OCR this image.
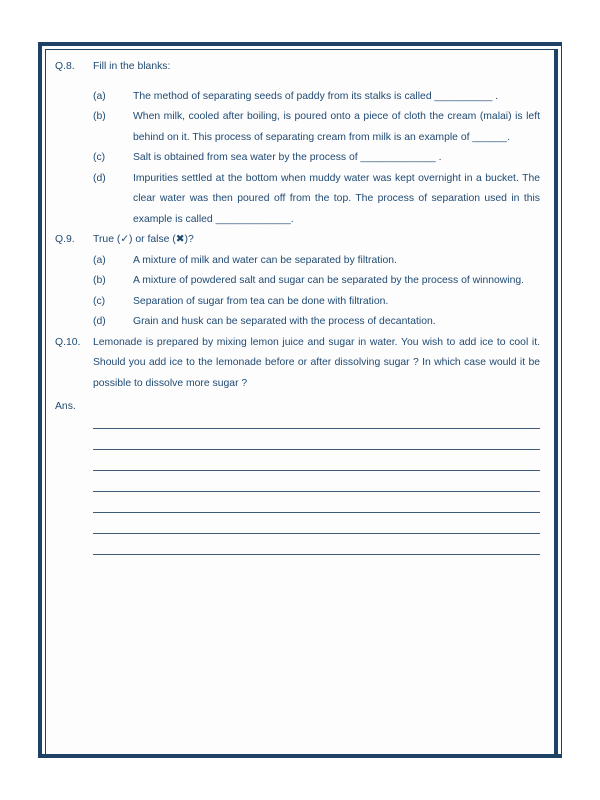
Q.8.	Fill in the blanks:
(a)	The method of separating seeds of paddy from its stalks is called __________ .
(b)	When milk, cooled after boiling, is poured onto a piece of cloth the cream (malai) is left behind on it. This process of separating cream from milk is an example of ______.
(c)	Salt is obtained from sea water by the process of _____________ .
(d)	Impurities settled at the bottom when muddy water was kept overnight in a bucket. The clear water was then poured off from the top. The process of separation used in this example is called _____________.
Q.9.	True (✓) or false (✖)?
(a)	A mixture of milk and water can be separated by filtration.
(b)	A mixture of powdered salt and sugar can be separated by the process of winnowing.
(c)	Separation of sugar from tea can be done with filtration.
(d)	Grain and husk can be separated with the process of decantation.
Q.10.	Lemonade is prepared by mixing lemon juice and sugar in water. You wish to add ice to cool it. Should you add ice to the lemonade before or after dissolving sugar ? In which case would it be possible to dissolve more sugar ?
Ans.
